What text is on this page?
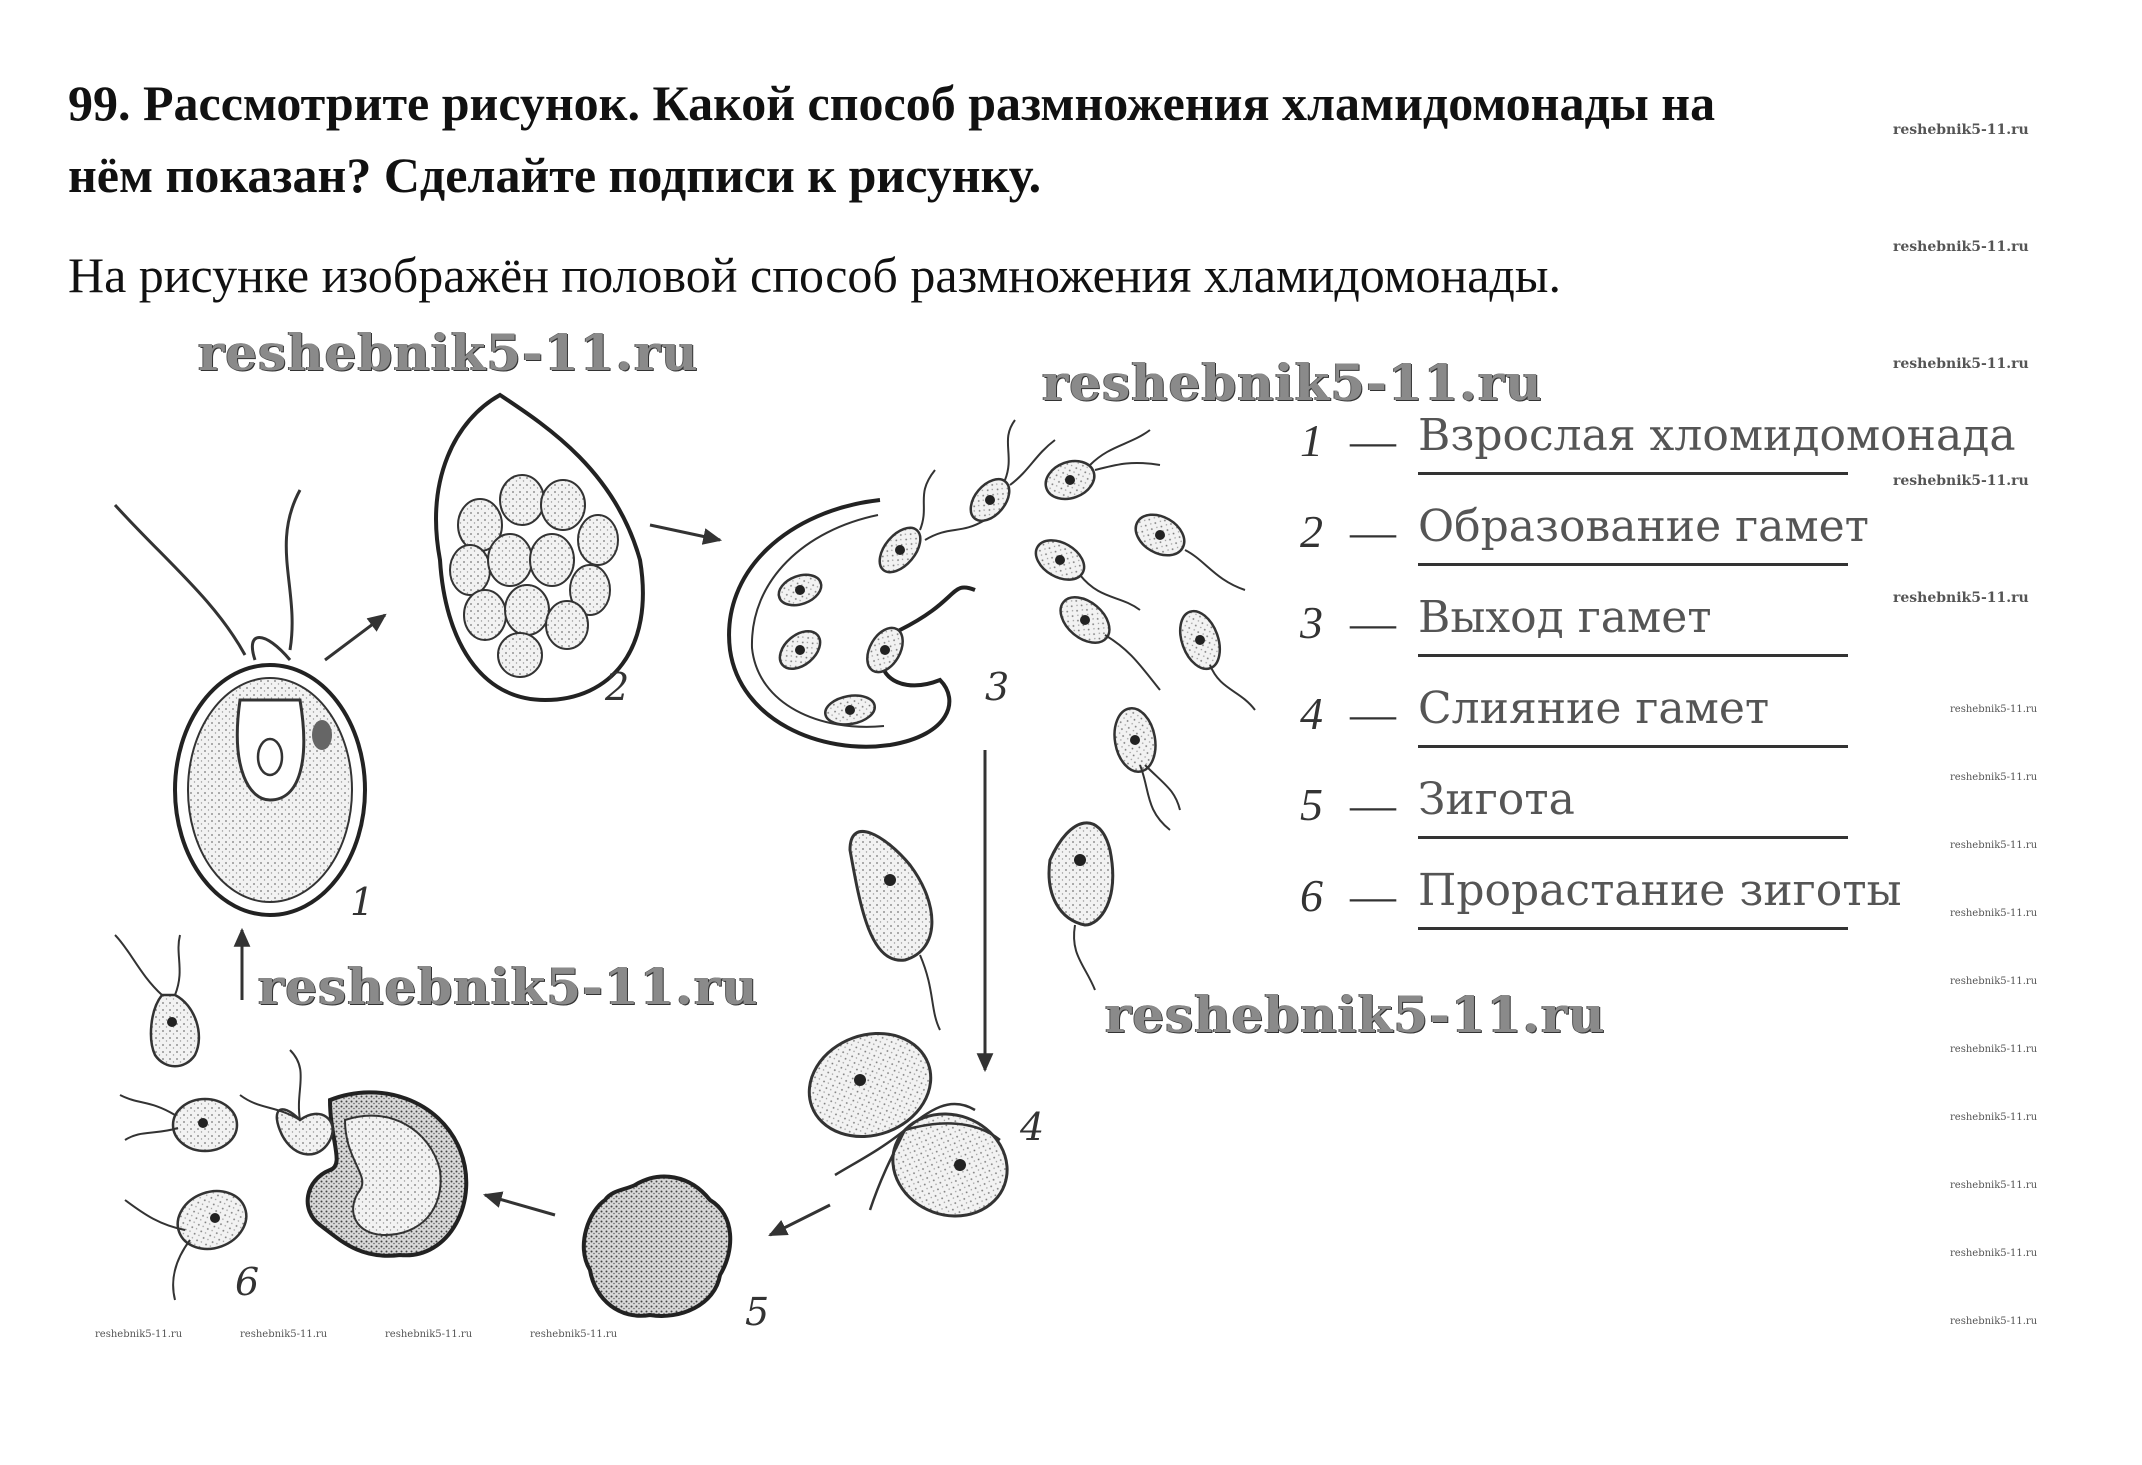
99. Рассмотрите рисунок. Какой способ размножения хламидомонады на
нём показан? Сделайте подписи к рисунку.
На рисунке изображён половой способ размножения хламидомонады.
1
2	3
4
5
6
reshebnik5-11.ru
reshebnik5-11.ru
reshebnik5-11.ru	reshebnik5-11.ru
reshebnik5-11.ru
reshebnik5-11.ru
reshebnik5-11.ru
reshebnik5-11.ru
reshebnik5-11.ru
reshebnik5-11.ru
reshebnik5-11.ru
reshebnik5-11.ru
reshebnik5-11.ru
reshebnik5-11.ru
reshebnik5-11.ru
reshebnik5-11.ru
reshebnik5-11.ru
reshebnik5-11.ru
reshebnik5-11.ru
reshebnik5-11.ru	reshebnik5-11.ru	reshebnik5-11.ru	reshebnik5-11.ru
1 — Взрослая хломидомонада
2 — Образование гамет
3 — Выход гамет
4 — Слияние гамет
5 — Зигота
6 — Прорастание зиготы
